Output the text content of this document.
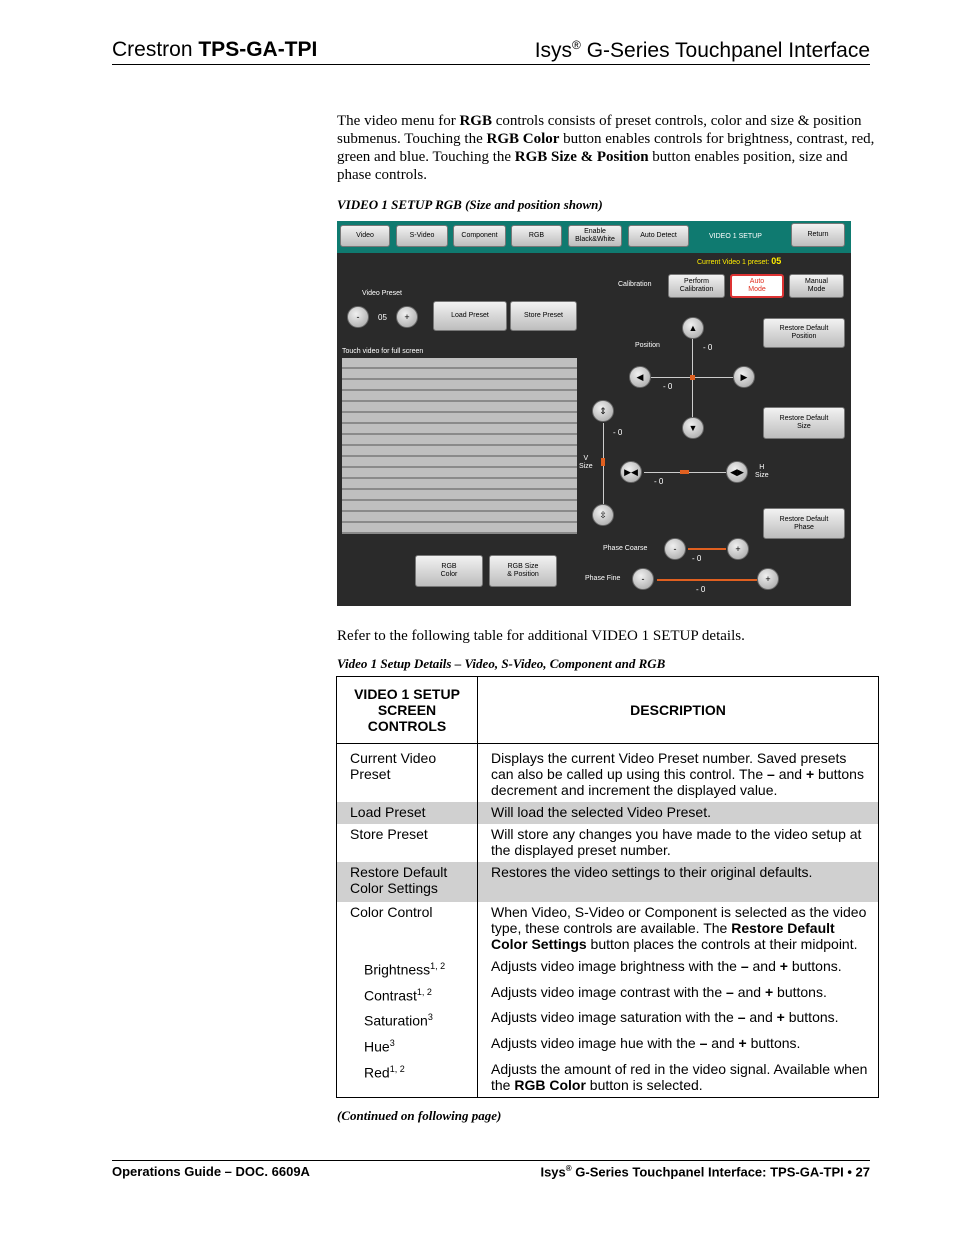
Crestron TPS-GA-TPI	Isys® G-Series Touchpanel Interface
The video menu for RGB controls consists of preset controls, color and size & position submenus. Touching the RGB Color button enables controls for brightness, contrast, red, green and blue. Touching the RGB Size & Position button enables position, size and phase controls.
VIDEO 1 SETUP RGB (Size and position shown)
Video	S-Video	Component	RGB
Enable
Black&White
Auto Detect	VIDEO 1 SETUP	Return
Current Video 1 preset: 05
Calibration	Perform
Calibration
Auto
Mode
Manual
Mode
Video Preset
-	05	+	Load Preset	Store Preset
Touch video for full screen
Restore Default
Position
Restore Default
Size
Restore Default
Phase
Position
▲
▼
◀	▶
- 0
- 0
⇕
⇳
- 0
V
Size	▶◀	◀▶
- 0
H
Size
Phase Coarse	-	+
- 0
Phase Fine	-	+
- 0
RGB
Color
RGB Size
& Position
Refer to the following table for additional VIDEO 1 SETUP details.
Video 1 Setup Details – Video, S-Video, Component and RGB
VIDEO 1 SETUP SCREEN CONTROLS	DESCRIPTION

Current Video Preset	Displays the current Video Preset number. Saved presets can also be called up using this control. The – and + buttons decrement and increment the displayed value.
Load Preset	Will load the selected Video Preset.
Store Preset	Will store any changes you have made to the video setup at the displayed preset number.
Restore Default Color Settings	Restores the video settings to their original defaults.
Color Control	When Video, S-Video or Component is selected as the video type, these controls are available. The Restore Default Color Settings button places the controls at their midpoint.
Brightness$^{1, 2}$	Adjusts video image brightness with the – and + buttons.
Contrast$^{1, 2}$	Adjusts video image contrast with the – and + buttons.
Saturation$^3$	Adjusts video image saturation with the – and + buttons.
Hue$^3$	Adjusts video image hue with the – and + buttons.
Red$^{1, 2}$	Adjusts the amount of red in the video signal. Available when the RGB Color button is selected.
(Continued on following page)
Operations Guide – DOC. 6609A	Isys® G-Series Touchpanel Interface: TPS-GA-TPI • 27
